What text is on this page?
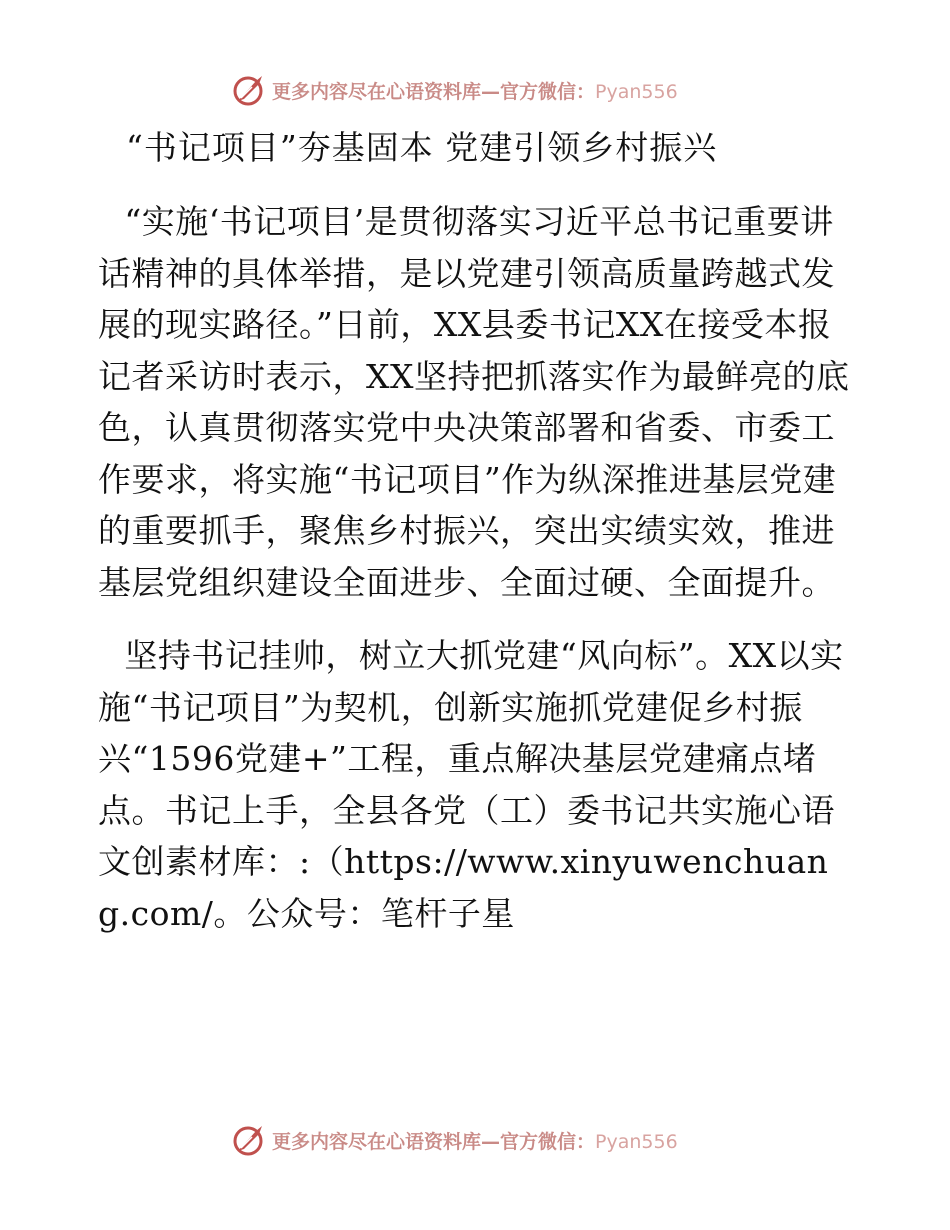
更多内容尽在心语资料库—官方微信：Pyan556
“书记项目”夯基固本 党建引领乡村振兴

“实施‘书记项目’是贯彻落实习近平总书记重要讲话精神的具体举措，是以党建引领高质量跨越式发展的现实路径。”日前，XX县委书记XX在接受本报记者采访时表示，XX坚持把抓落实作为最鲜亮的底色，认真贯彻落实党中央决策部署和省委、市委工作要求，将实施“书记项目”作为纵深推进基层党建的重要抓手，聚焦乡村振兴，突出实绩实效，推进基层党组织建设全面进步、全面过硬、全面提升。

坚持书记挂帅，树立大抓党建“风向标”。XX以实施“书记项目”为契机，创新实施抓党建促乡村振兴“1596党建+”工程，重点解决基层党建痛点堵点。书记上手，全县各党（工）委书记共实施心语文创素材库：:（https://www.xinyuwenchuang.com/。公众号：笔杆子星

更多内容尽在心语资料库—官方微信：Pyan556
